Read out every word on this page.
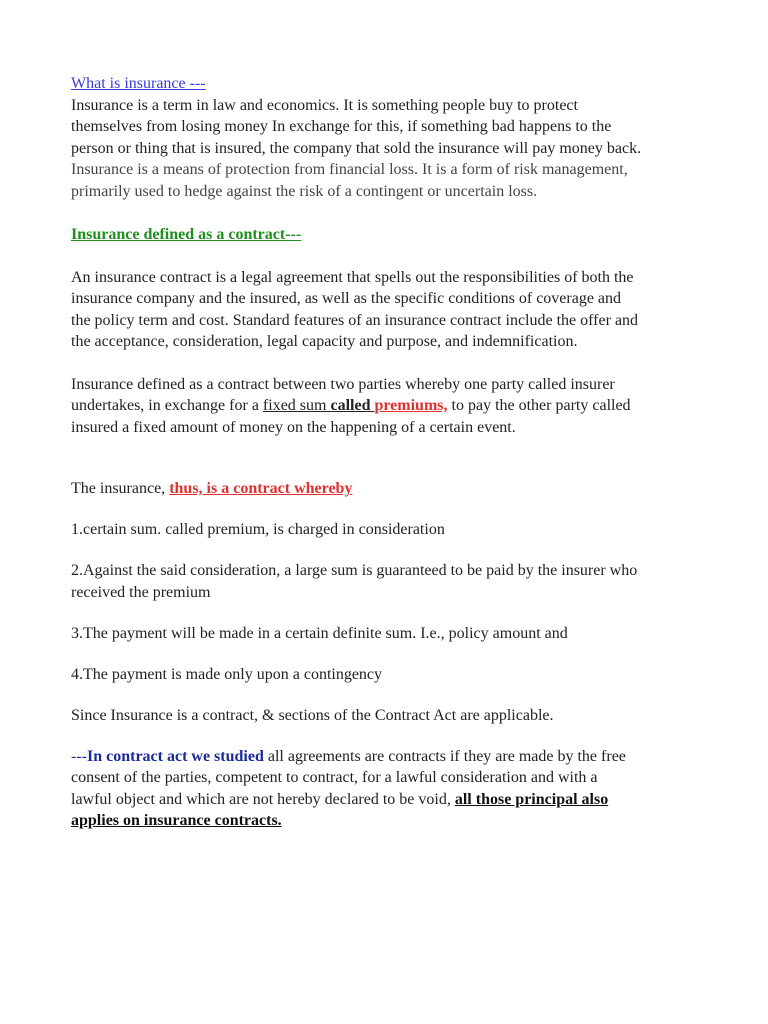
What is insurance ---
Insurance is a term in law and economics. It is something people buy to protect
themselves from losing money In exchange for this, if something bad happens to the
person or thing that is insured, the company that sold the insurance will pay money back.
Insurance is a means of protection from financial loss. It is a form of risk management,
primarily used to hedge against the risk of a contingent or uncertain loss.

Insurance defined as a contract---

An insurance contract is a legal agreement that spells out the responsibilities of both the
insurance company and the insured, as well as the specific conditions of coverage and
the policy term and cost. Standard features of an insurance contract include the offer and
the acceptance, consideration, legal capacity and purpose, and indemnification.

Insurance defined as a contract between two parties whereby one party called insurer
undertakes, in exchange for a fixed sum called premiums, to pay the other party called
insured a fixed amount of money on the happening of a certain event.

The insurance, thus, is a contract whereby

1.certain sum. called premium, is charged in consideration

2.Against the said consideration, a large sum is guaranteed to be paid by the insurer who
received the premium

3.The payment will be made in a certain definite sum. I.e., policy amount and

4.The payment is made only upon a contingency

Since Insurance is a contract, & sections of the Contract Act are applicable.

---In contract act we studied all agreements are contracts if they are made by the free
consent of the parties, competent to contract, for a lawful consideration and with a
lawful object and which are not hereby declared to be void, all those principal also
applies on insurance contracts.
